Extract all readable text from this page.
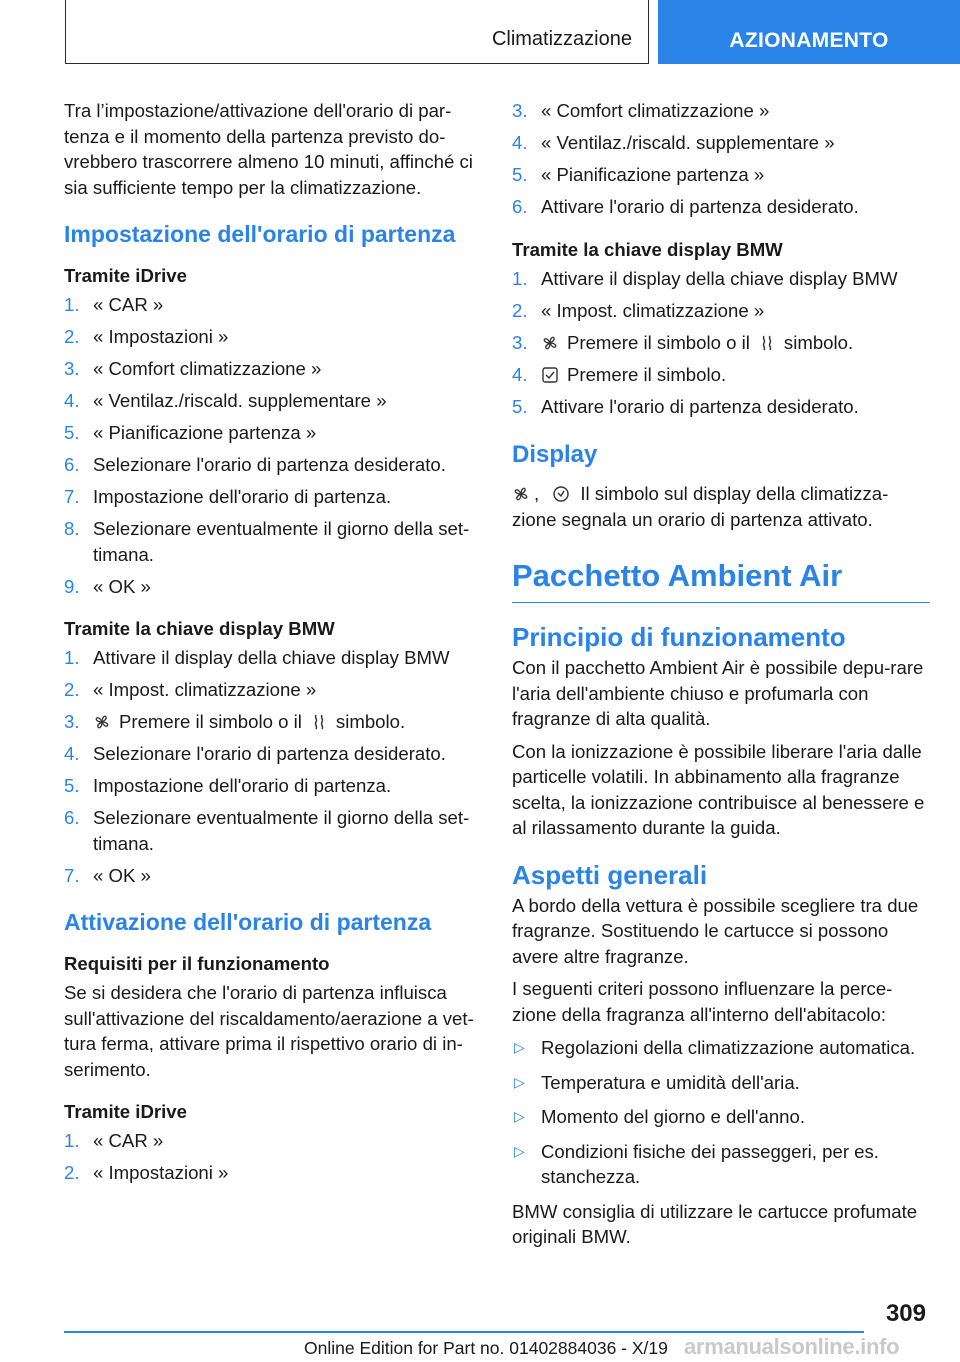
Climatizzazione	AZIONAMENTO

Tra l’impostazione/attivazione dell'orario di par-tenza e il momento della partenza previsto do-vrebbero trascorrere almeno 10 minuti, affinché ci sia sufficiente tempo per la climatizzazione.

Impostazione dell'orario di partenza
Tramite iDrive
1. « CAR »
2. « Impostazioni »
3. « Comfort climatizzazione »
4. « Ventilaz./riscald. supplementare »
5. « Pianificazione partenza »
6. Selezionare l'orario di partenza desiderato.
7. Impostazione dell'orario di partenza.
8. Selezionare eventualmente il giorno della set-timana.
9. « OK »
Tramite la chiave display BMW
1. Attivare il display della chiave display BMW
2. « Impost. climatizzazione »
3. Premere il simbolo o il simbolo.
4. Selezionare l'orario di partenza desiderato.
5. Impostazione dell'orario di partenza.
6. Selezionare eventualmente il giorno della set-timana.
7. « OK »
Attivazione dell'orario di partenza
Requisiti per il funzionamento

Se si desidera che l'orario di partenza influisca sull'attivazione del riscaldamento/aerazione a vet-tura ferma, attivare prima il rispettivo orario di in-serimento.

Tramite iDrive
1. « CAR »
2. « Impostazioni »
3. « Comfort climatizzazione »
4. « Ventilaz./riscald. supplementare »
5. « Pianificazione partenza »
6. Attivare l'orario di partenza desiderato.
Tramite la chiave display BMW
1. Attivare il display della chiave display BMW
2. « Impost. climatizzazione »
3. Premere il simbolo o il simbolo.
4. Premere il simbolo.
5. Attivare l'orario di partenza desiderato.
Display

, Il simbolo sul display della climatizza-zione segnala un orario di partenza attivato.

Pacchetto Ambient Air
Principio di funzionamento

Con il pacchetto Ambient Air è possibile depu-rare l'aria dell'ambiente chiuso e profumarla con fragranze di alta qualità.

Con la ionizzazione è possibile liberare l'aria dalle particelle volatili. In abbinamento alla fragranze scelta, la ionizzazione contribuisce al benessere e al rilassamento durante la guida.

Aspetti generali

A bordo della vettura è possibile scegliere tra due fragranze. Sostituendo le cartucce si possono avere altre fragranze.

I seguenti criteri possono influenzare la perce-zione della fragranza all'interno dell'abitacolo:

▷ Regolazioni della climatizzazione automatica.
▷ Temperatura e umidità dell'aria.
▷ Momento del giorno e dell'anno.
▷ Condizioni fisiche dei passeggeri, per es. stanchezza.

BMW consiglia di utilizzare le cartucce profumate originali BMW.

309
Online Edition for Part no. 01402884036 - X/19 armanualsonline.info
